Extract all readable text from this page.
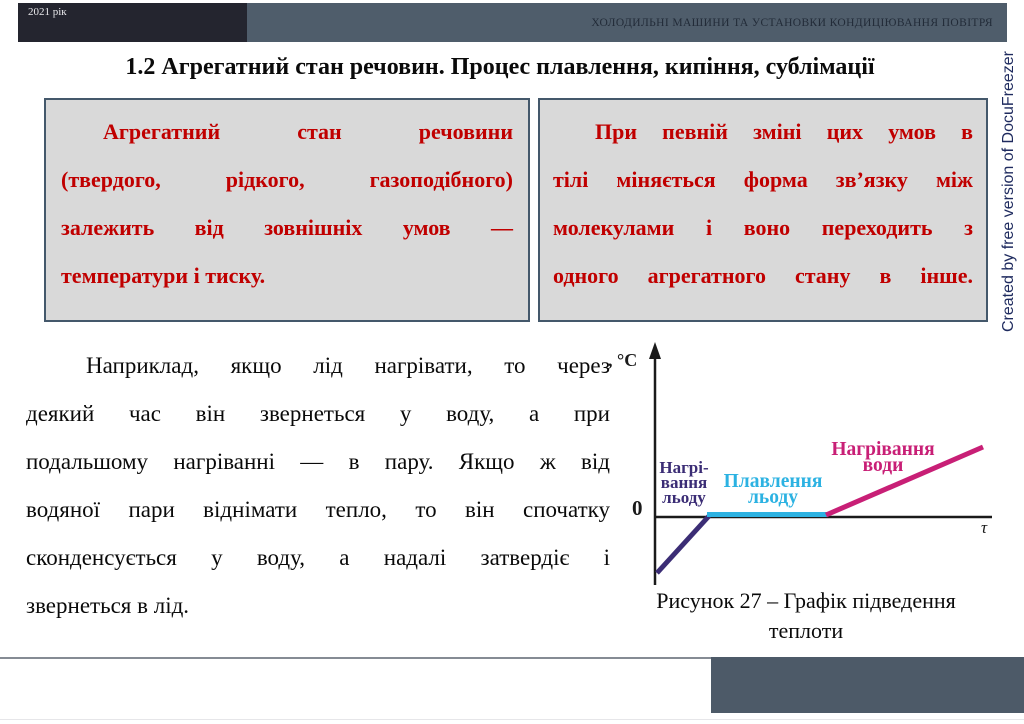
2021 рік
ХОЛОДИЛЬНІ МАШИНИ ТА УСТАНОВКИ КОНДИЦІЮВАННЯ ПОВІТРЯ
Created by free version of DocuFreezer
1.2 Агрегатний стан речовин. Процес плавлення, кипіння, сублімації
Агрегатний стан речовини
(твердого, рідкого, газоподібного)
залежить від зовнішніх умов —
температури і тиску.
При певній зміні цих умов в
тілі міняється форма зв’язку між
молекулами і воно переходить з
одного агрегатного стану в інше.
Наприклад, якщо лід нагрівати, то через
деякий час він звернеться у воду, а при
подальшому нагріванні — в пару. Якщо ж від
водяної пари віднімати тепло, то він спочатку
сконденсується у воду, а надалі затвердіє і
звернеться в лід.
, °C
0
τ
Нагрі-
вання
льоду
Плавлення
льоду
Нагрівання
води
Рисунок 27 – Графік підведення теплоти
